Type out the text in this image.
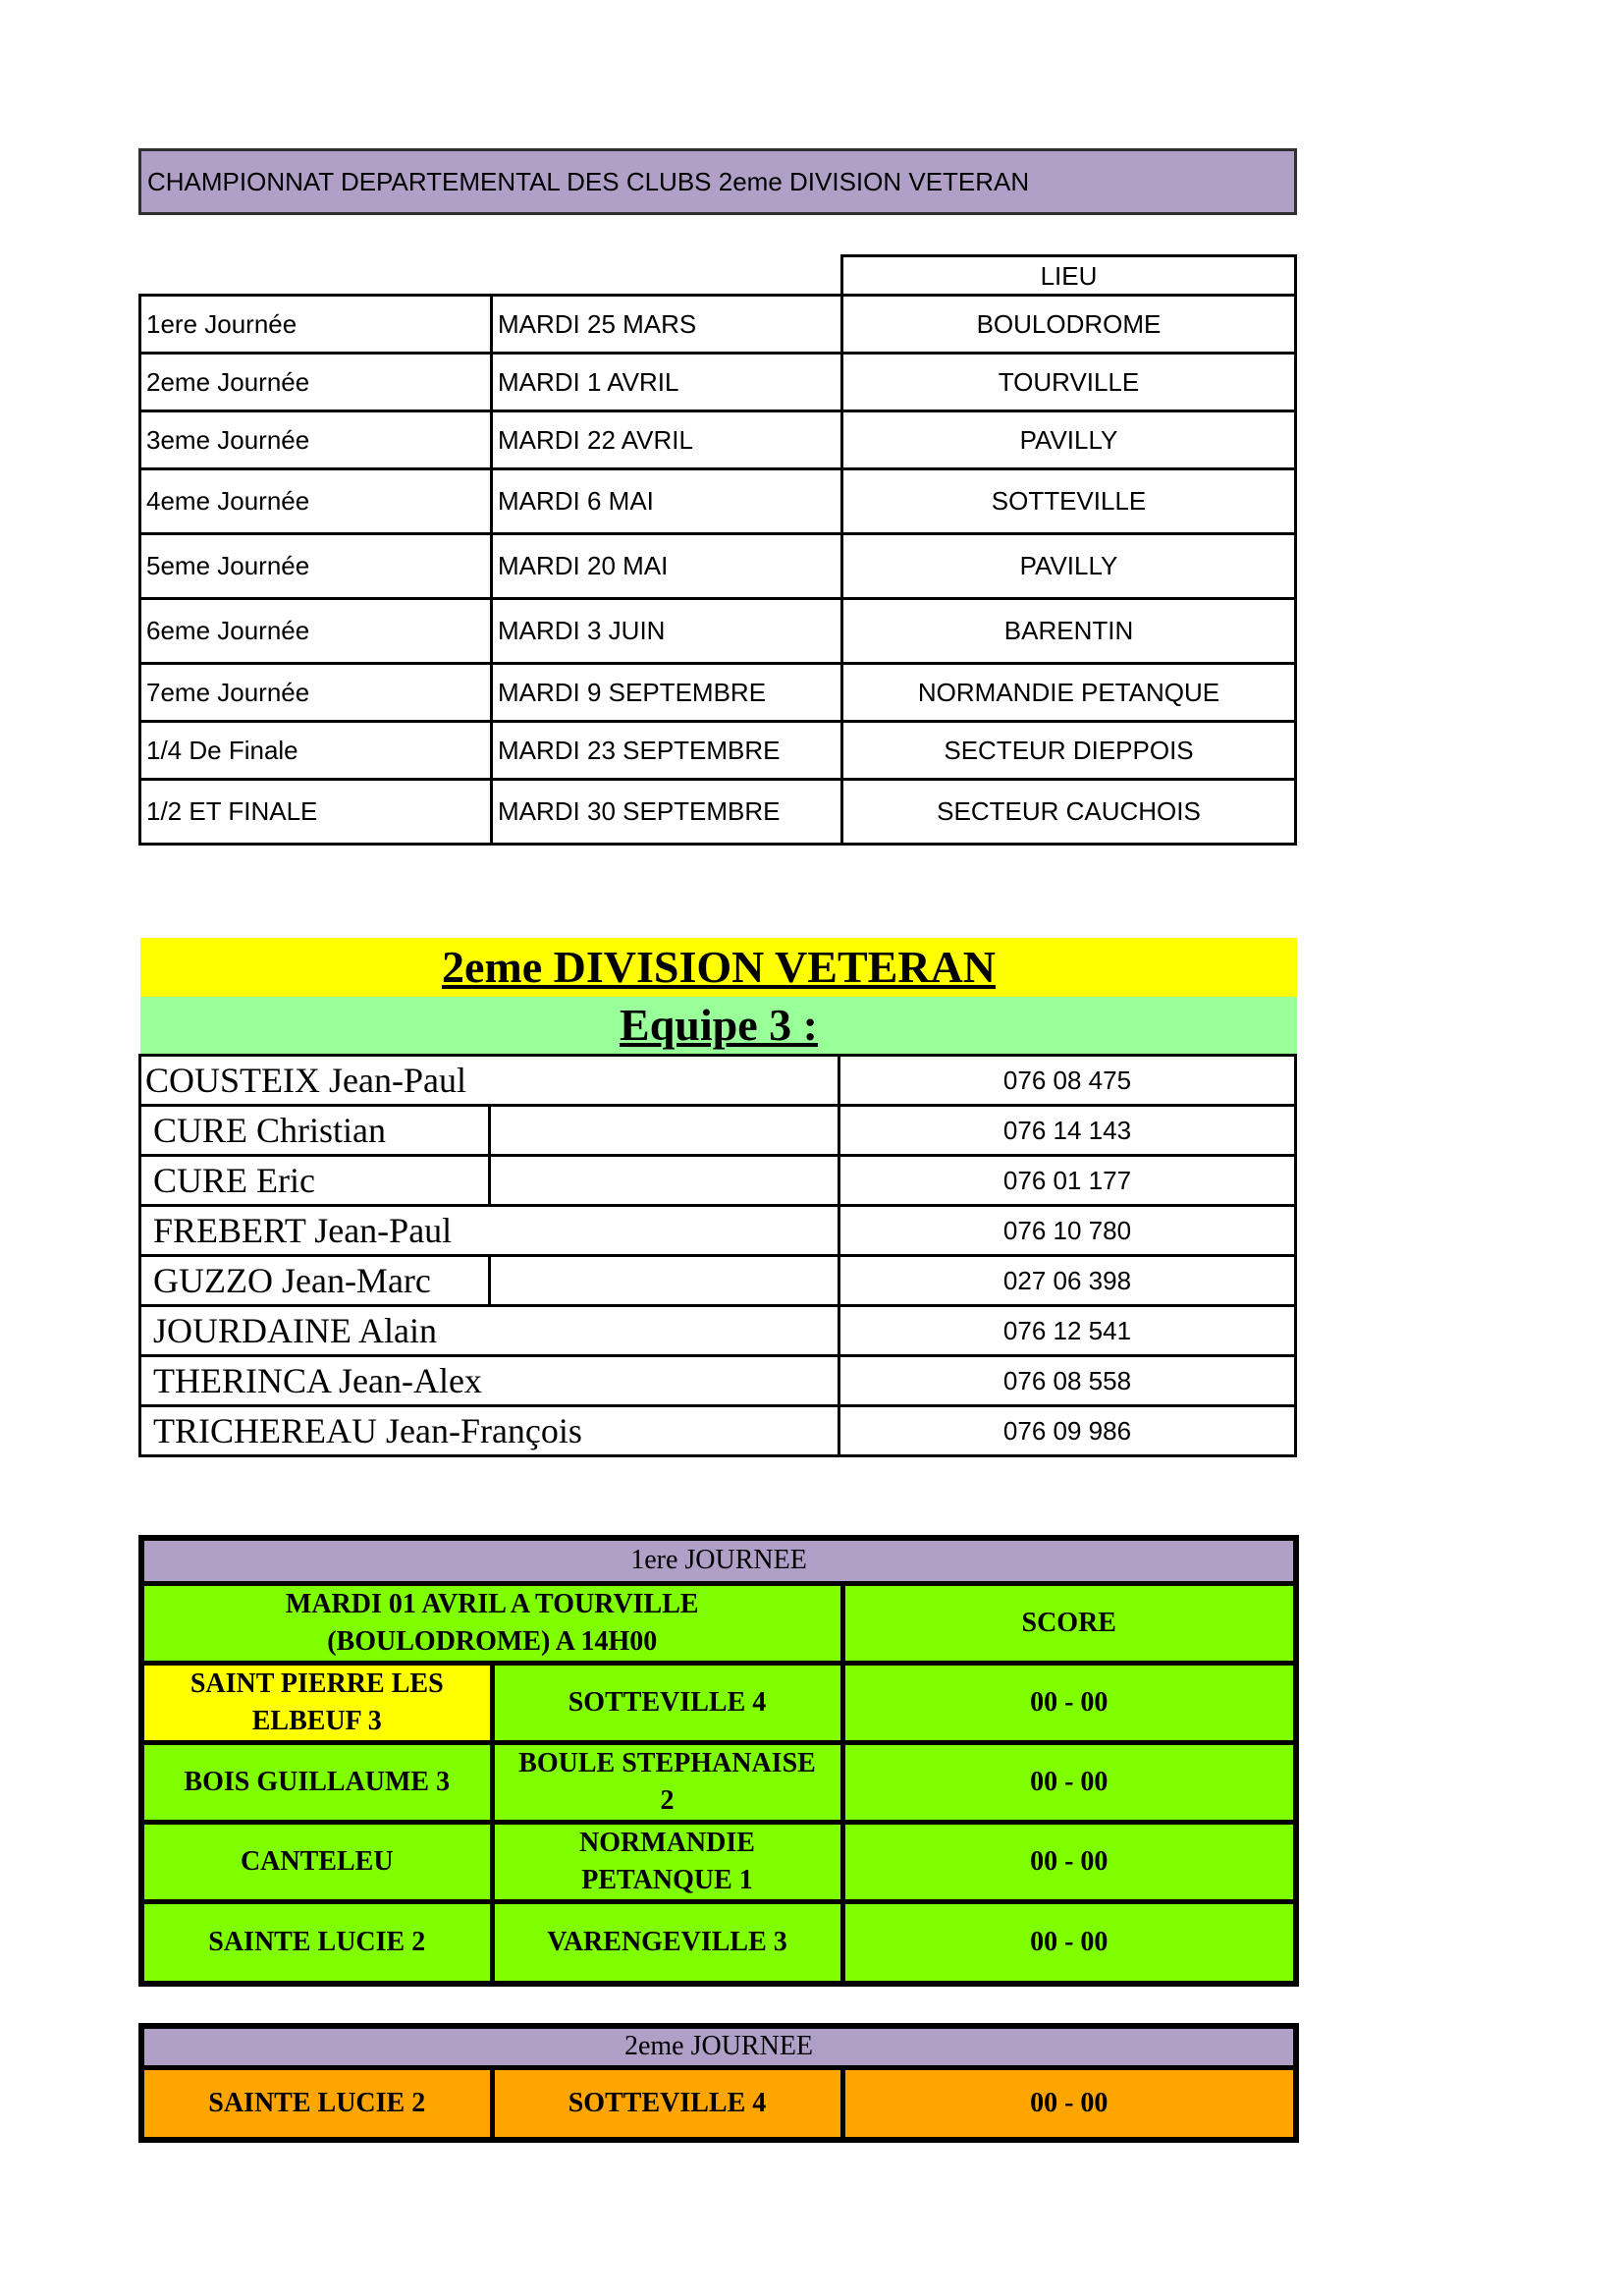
CHAMPIONNAT DEPARTEMENTAL DES CLUBS 2eme DIVISION VETERAN
LIEU
1ere Journée	MARDI 25 MARS	BOULODROME
2eme Journée	MARDI 1 AVRIL	TOURVILLE
3eme Journée	MARDI 22 AVRIL	PAVILLY
4eme Journée	MARDI 6 MAI	SOTTEVILLE
5eme Journée	MARDI 20 MAI	PAVILLY
6eme Journée	MARDI 3 JUIN	BARENTIN
7eme Journée	MARDI 9 SEPTEMBRE	NORMANDIE PETANQUE
1/4 De Finale	MARDI 23 SEPTEMBRE	SECTEUR DIEPPOIS
1/2 ET FINALE	MARDI 30 SEPTEMBRE	SECTEUR CAUCHOIS
2eme DIVISION VETERAN
Equipe 3 :
COUSTEIX Jean-Paul		076 08 475
CURE Christian		076 14 143
CURE Eric		076 01 177
FREBERT Jean-Paul		076 10 780
GUZZO Jean-Marc		027 06 398
JOURDAINE Alain		076 12 541
THERINCA Jean-Alex		076 08 558
TRICHEREAU Jean-François		076 09 986
1ere JOURNEE		

MARDI 01 AVRIL A TOURVILLE
(BOULODROME) A 14H00		SCORE

SAINT PIERRE LES
ELBEUF 3	SOTTEVILLE 4	00 - 00
BOIS GUILLAUME 3	BOULE STEPHANAISE
2	00 - 00
CANTELEU	NORMANDIE
PETANQUE 1	00 - 00
SAINTE LUCIE 2	VARENGEVILLE 3	00 - 00
2eme JOURNEE
SAINTE LUCIE 2	SOTTEVILLE 4	00 - 00
